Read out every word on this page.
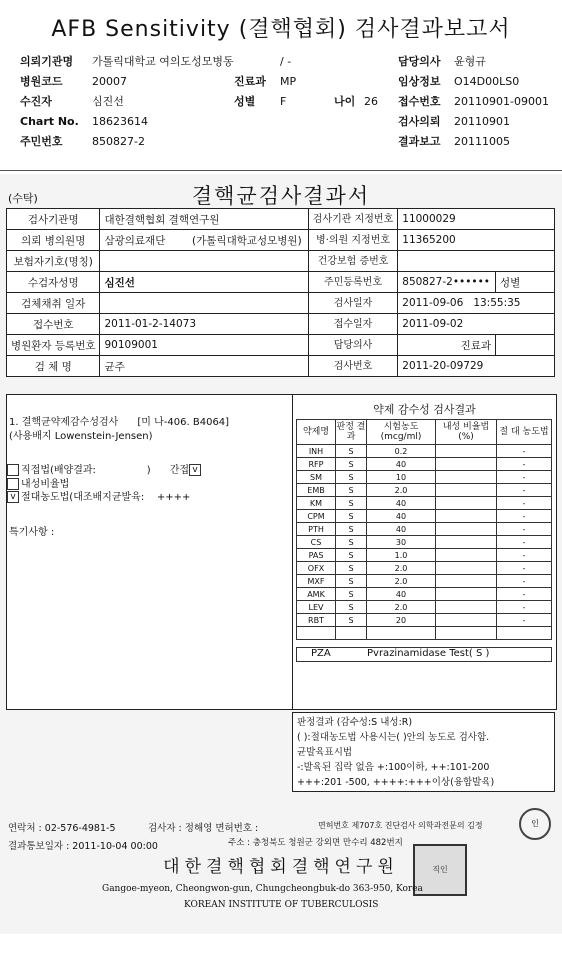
AFB Sensitivity (결핵협회) 검사결과보고서
의뢰기관명	가톨릭대학교 여의도성모병동
병원코드	20007
수진자	심진선
Chart No.	18623614
주민번호	850827-2
/ -
진료과	MP
성별	F	나이 26
담당의사	윤형규
임상정보	O14D00LS0
접수번호	20110901-09001
검사의뢰	20110901
결과보고	20111005
(수탁)	결핵균검사결과서
검사기관명	대한결핵협회 결핵연구원	검사기관 지정번호	11000029	
의뢰 병의원명	삼광의료재단 (가톨릭대학교성모병원)	병·의원 지정번호	11365200	
보험자기호(명칭)		건강보험 증번호		
수검자성명	심진선	주민등록번호	850827-2••••••	성별
검체채취 일자		검사일자	2011-09-06 13:55:35	
접수번호	2011-01-2-14073	접수일자	2011-09-02	
병원환자 등록번호	90109001	담당의사	진료과	
검 체 명	균주	검사번호	2011-20-09729	
1. 결핵균약제감수성검사 [미 나-406. B4064]
(사용배지 Lowenstein-Jensen)
직접법(배양결과:	) 간접 v
내성비율법
v 절대농도법(대조배지균발육: ++++
특기사항 :
약제 감수성 검사결과
약제명	판정 결과	시험농도 (mcg/ml)	내성 비율법(%)	절 대 농도법
INH	S	0.2		-
RFP	S	40		-
SM	S	10		-
EMB	S	2.0		-
KM	S	40		-
CPM	S	40		-
PTH	S	40		-
CS	S	30		-
PAS	S	1.0		-
OFX	S	2.0		-
MXF	S	2.0		-
AMK	S	40		-
LEV	S	2.0		-
RBT	S	20		-

PZA	Pvrazinamidase Test( S )
판정결과 (감수성:S 내성:R)
( ):절대농도법 사용시는( )안의 농도로 검사함.
균발육표시법
-:발육된 집락 없음 +:100이하, ++:101-200
+++:201 -500, ++++:+++이상(융합발육)
연락처 : 02-576-4981-5	검사자 : 정해영 면허번호 :	면허번호 제707호 진단검사 의학과전문의 김정	인
결과통보일자 : 2011-10-04 00:00	주소 : 충청북도 청원군 강외면 만수리 482번지
대한결핵협회결핵연구원	직인
Gangoe-myeon, Cheongwon-gun, Chungcheongbuk-do 363-950, Korea
KOREAN INSTITUTE OF TUBERCULOSIS
